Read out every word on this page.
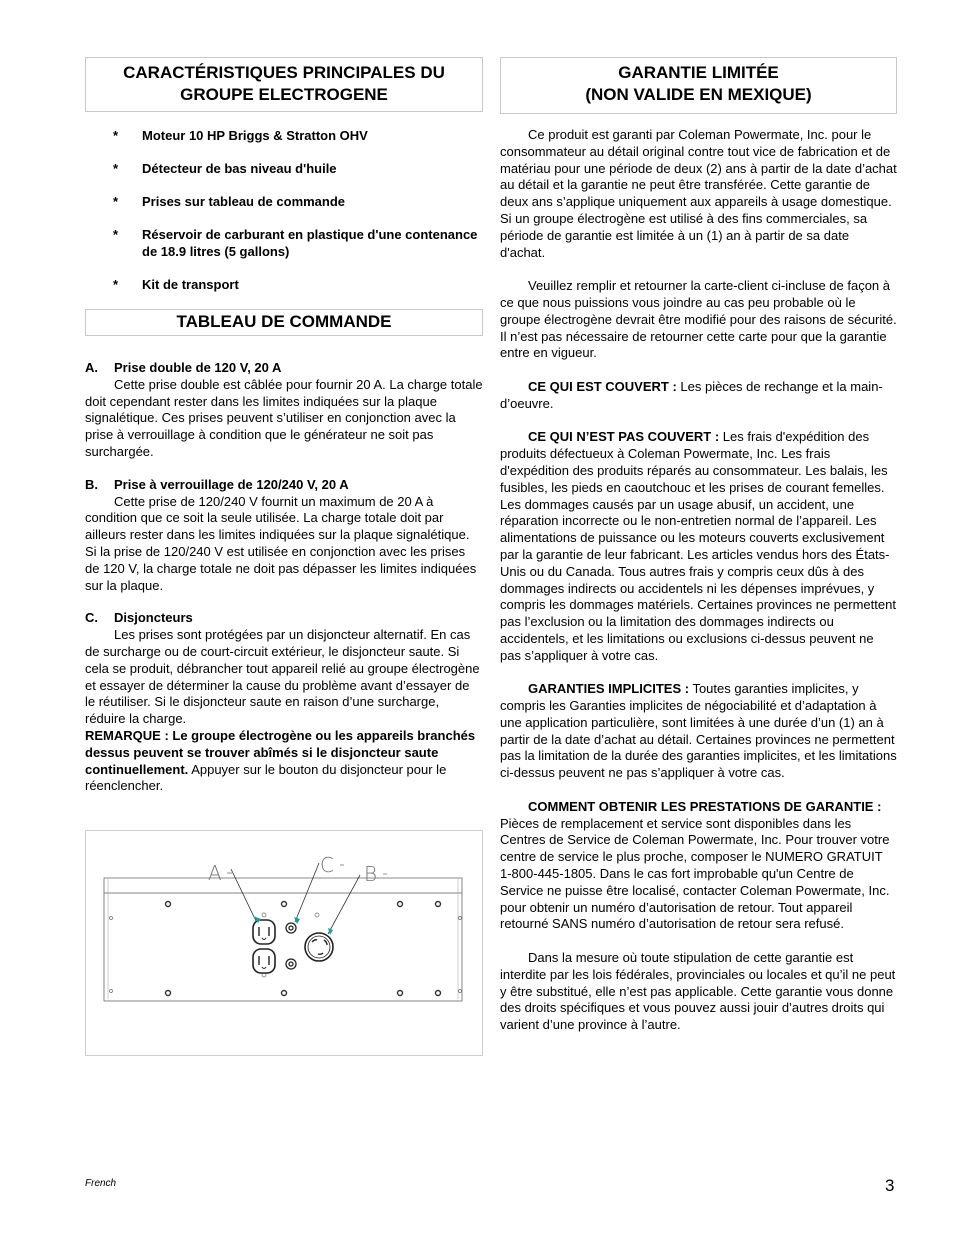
CARACTÉRISTIQUES PRINCIPALES DU
GROUPE ELECTROGENE
* Moteur 10 HP Briggs & Stratton OHV
* Détecteur de bas niveau d'huile
* Prises sur tableau de commande
* Réservoir de carburant en plastique d'une contenance de 18.9 litres (5 gallons)
* Kit de transport
TABLEAU DE COMMANDE
A. Prise double de 120 V, 20 A

Cette prise double est câblée pour fournir 20 A. La charge totale doit cependant rester dans les limites indiquées sur la plaque signalétique. Ces prises peuvent s’utiliser en conjonction avec la prise à verrouillage à condition que le générateur ne soit pas surchargée.

B. Prise à verrouillage de 120/240 V, 20 A

Cette prise de 120/240 V fournit un maximum de 20 A à condition que ce soit la seule utilisée. La charge totale doit par ailleurs rester dans les limites indiquées sur la plaque signalétique. Si la prise de 120/240 V est utilisée en conjonction avec les prises de 120 V, la charge totale ne doit pas dépasser les limites indiquées sur la plaque.

C. Disjoncteurs

Les prises sont protégées par un disjoncteur alternatif. En cas de surcharge ou de court-circuit extérieur, le disjoncteur saute. Si cela se produit, débrancher tout appareil relié au groupe électrogène et essayer de déterminer la cause du problème avant d’essayer de le réutiliser. Si le disjoncteur saute en raison d’une surcharge, réduire la charge.

REMARQUE : Le groupe électrogène ou les appareils branchés dessus peuvent se trouver abîmés si le disjoncteur saute continuellement. Appuyer sur le bouton du disjoncteur pour le réenclencher.

A	C B
GARANTIE LIMITÉE
(NON VALIDE EN MEXIQUE)

Ce produit est garanti par Coleman Powermate, Inc. pour le consommateur au détail original contre tout vice de fabrication et de matériau pour une période de deux (2) ans à partir de la date d’achat au détail et la garantie ne peut être transférée. Cette garantie de deux ans s’applique uniquement aux appareils à usage domestique. Si un groupe électrogène est utilisé à des fins commerciales, sa période de garantie est limitée à un (1) an à partir de sa date d'achat.

Veuillez remplir et retourner la carte-client ci-incluse de façon à ce que nous puissions vous joindre au cas peu probable où le groupe électrogène devrait être modifié pour des raisons de sécurité. Il n’est pas nécessaire de retourner cette carte pour que la garantie entre en vigueur.

CE QUI EST COUVERT : Les pièces de rechange et la main-d’oeuvre.

CE QUI N’EST PAS COUVERT : Les frais d'expédition des produits défectueux à Coleman Powermate, Inc. Les frais d'expédition des produits réparés au consommateur. Les balais, les fusibles, les pieds en caoutchouc et les prises de courant femelles. Les dommages causés par un usage abusif, un accident, une réparation incorrecte ou le non-entretien normal de l’appareil. Les alimentations de puissance ou les moteurs couverts exclusivement par la garantie de leur fabricant. Les articles vendus hors des États-Unis ou du Canada. Tous autres frais y compris ceux dûs à des dommages indirects ou accidentels ni les dépenses imprévues, y compris les dommages matériels. Certaines provinces ne permettent pas l’exclusion ou la limitation des dommages indirects ou accidentels, et les limitations ou exclusions ci-dessus peuvent ne pas s’appliquer à votre cas.

GARANTIES IMPLICITES : Toutes garanties implicites, y compris les Garanties implicites de négociabilité et d’adaptation à une application particulière, sont limitées à une durée d’un (1) an à partir de la date d’achat au détail. Certaines provinces ne permettent pas la limitation de la durée des garanties implicites, et les limitations ci-dessus peuvent ne pas s’appliquer à votre cas.

COMMENT OBTENIR LES PRESTATIONS DE GARANTIE : Pièces de remplacement et service sont disponibles dans les Centres de Service de Coleman Powermate, Inc. Pour trouver votre centre de service le plus proche, composer le NUMERO GRATUIT 1-800-445-1805. Dans le cas fort improbable qu'un Centre de Service ne puisse être localisé, contacter Coleman Powermate, Inc. pour obtenir un numéro d’autorisation de retour. Tout appareil retourné SANS numéro d’autorisation de retour sera refusé.

Dans la mesure où toute stipulation de cette garantie est interdite par les lois fédérales, provinciales ou locales et qu’il ne peut y être substitué, elle n’est pas applicable. Cette garantie vous donne des droits spécifiques et vous pouvez aussi jouir d’autres droits qui varient d’une province à l’autre.

French	3
